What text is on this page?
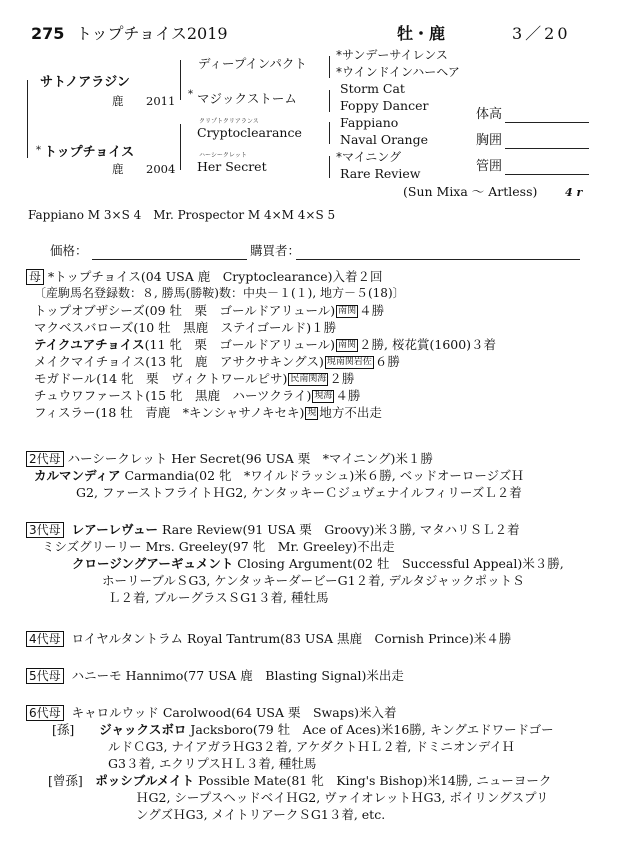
275 トップチョイス2019	牡・鹿	3／20
サトノアラジン
鹿 2011
* トップチョイス
鹿 2004
ディープインパクト
* マジックストーム
クリプトクリアランス
Cryptoclearance
ハーシークレット
Her Secret
*サンデーサイレンス
*ウインドインハーヘア
Storm Cat
Foppy Dancer
Fappiano
Naval Orange
*マイニング
Rare Review
(Sun Mixa ～ Artless)	4 r
体高
胸囲
管囲
Fappiano M 3×S 4　Mr. Prospector M 4×M 4×S 5
価格：	購買者：
母 *トップチョイス(04 USA 鹿　Cryptoclearance)入着２回
〔産駒馬名登録数：８, 勝馬(勝鞍)数：中央－１(１), 地方－５(18)〕
トップオブザシーズ(09 牡　栗　ゴールドアリュール) 南関 ４勝
マクベスバローズ(10 牡　黒鹿　ステイゴールド)１勝
テイクユアチョイス(11 牝　栗　ゴールドアリュール) 南関 ２勝, 桜花賞(1600)３着
メイクマイチョイス(13 牝　鹿　アサクサキングス) 現南関岩佐 ６勝
モガドール(14 牝　栗　ヴィクトワールピサ) 民南関海 ２勝
チュウワファースト(15 牝　黒鹿　ハーツクライ) 現海 ４勝
フィスラー(18 牡　青鹿　*キンシャサノキセキ) 現 地方不出走
2代母 ハーシークレット Her Secret(96 USA 栗　*マイニング)米１勝
カルマンディア Carmandia(02 牝　*ワイルドラッシュ)米６勝, ベッドオーロージズＨ
G2, ファーストフライトＨG2, ケンタッキーＣジュヴェナイルフィリーズＬ２着
3代母 レアーレヴュー Rare Review(91 USA 栗　Groovy)米３勝, マタハリＳＬ２着
ミシズグリーリー Mrs. Greeley(97 牝　Mr. Greeley)不出走
クロージングアーギュメント Closing Argument(02 牡　Successful Appeal)米３勝,
ホーリーブルＳG3, ケンタッキーダービーG1２着, デルタジャックポットＳ
Ｌ２着, ブルーグラスＳG1３着, 種牡馬
4代母 ロイヤルタントラム Royal Tantrum(83 USA 黒鹿　Cornish Prince)米４勝
5代母 ハニーモ Hannimo(77 USA 鹿　Blasting Signal)米出走
6代母 キャロルウッド Carolwood(64 USA 栗　Swaps)米入着
[孫]　　 ジャックスボロ Jacksboro(79 牡　Ace of Aces)米16勝, キングエドワードゴー
ルドＣG3, ナイアガラＨG3２着, アケダクトＨＬ２着, ドミニオンデイＨ
G3３着, エクリプスＨＬ３着, 種牡馬
[曾孫]　 ポッシブルメイト Possible Mate(81 牝　King's Bishop)米14勝, ニューヨーク
ＨG2, シープスヘッドベイＨG2, ヴァイオレットＨG3, ボイリングスプリ
ングズＨG3, メイトリアークＳG1３着, etc.
